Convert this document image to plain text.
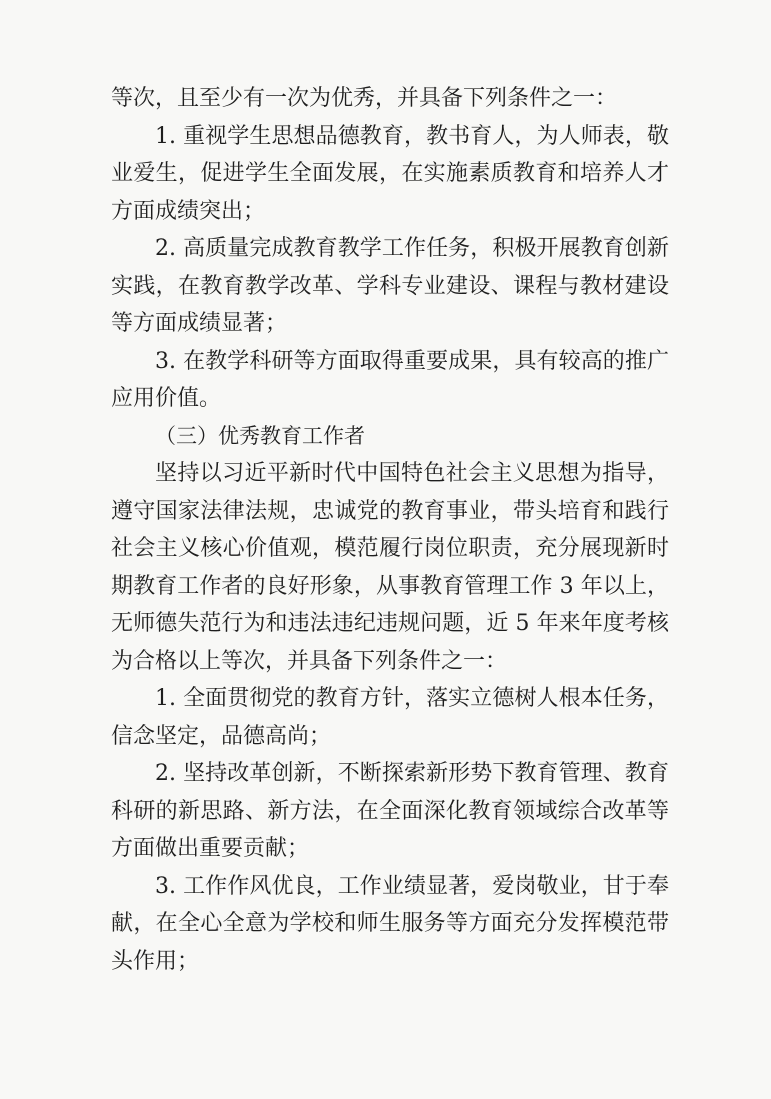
等次，且至少有一次为优秀，并具备下列条件之一：

1. 重视学生思想品德教育，教书育人，为人师表，敬业爱生，促进学生全面发展，在实施素质教育和培养人才方面成绩突出；

2. 高质量完成教育教学工作任务，积极开展教育创新实践，在教育教学改革、学科专业建设、课程与教材建设等方面成绩显著；

3. 在教学科研等方面取得重要成果，具有较高的推广应用价值。

（三）优秀教育工作者

坚持以习近平新时代中国特色社会主义思想为指导，遵守国家法律法规，忠诚党的教育事业，带头培育和践行社会主义核心价值观，模范履行岗位职责，充分展现新时期教育工作者的良好形象，从事教育管理工作 3 年以上，无师德失范行为和违法违纪违规问题，近 5 年来年度考核为合格以上等次，并具备下列条件之一：

1. 全面贯彻党的教育方针，落实立德树人根本任务，信念坚定，品德高尚；

2. 坚持改革创新，不断探索新形势下教育管理、教育科研的新思路、新方法，在全面深化教育领域综合改革等方面做出重要贡献；

3. 工作作风优良，工作业绩显著，爱岗敬业，甘于奉献，在全心全意为学校和师生服务等方面充分发挥模范带头作用；
